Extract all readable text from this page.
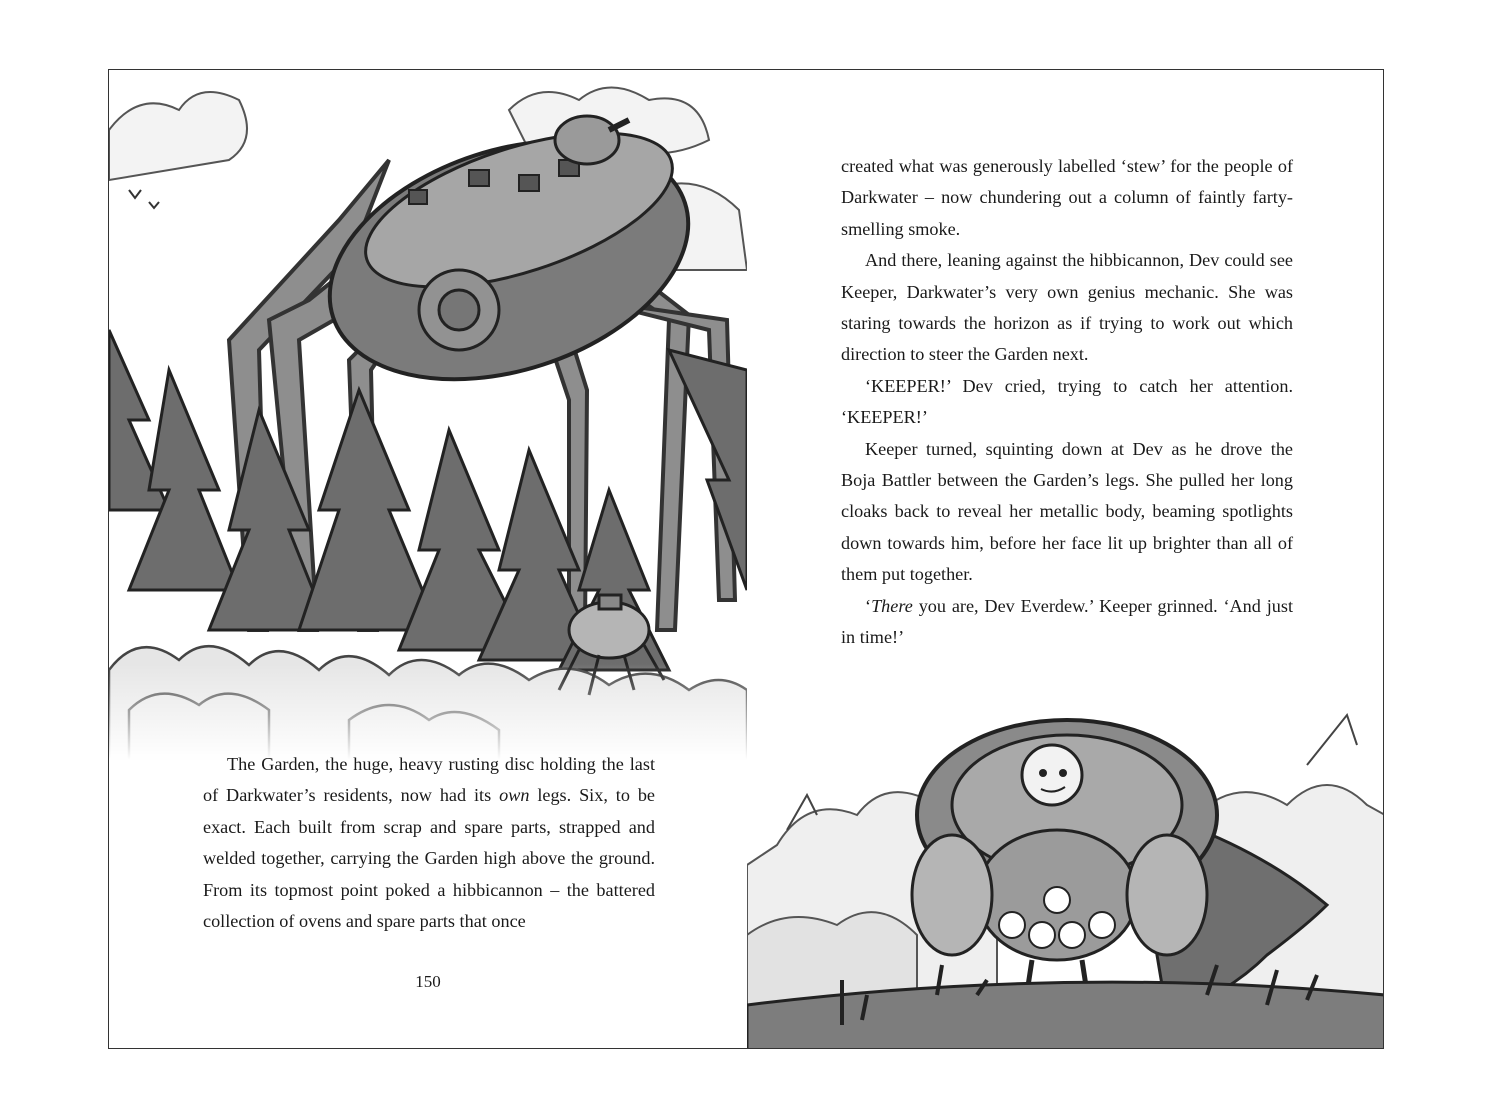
The Garden, the huge, heavy rusting disc holding the last of Darkwater’s residents, now had its own legs. Six, to be exact. Each built from scrap and spare parts, strapped and welded together, carrying the Garden high above the ground. From its topmost point poked a hibbicannon – the battered collection of ovens and spare parts that once

150

created what was generously labelled ‘stew’ for the people of Darkwater – now chundering out a column of faintly farty-smelling smoke.

And there, leaning against the hibbicannon, Dev could see Keeper, Darkwater’s very own genius mechanic. She was staring towards the horizon as if trying to work out which direction to steer the Garden next.

‘KEEPER!’ Dev cried, trying to catch her attention. ‘KEEPER!’

Keeper turned, squinting down at Dev as he drove the Boja Battler between the Garden’s legs. She pulled her long cloaks back to reveal her metallic body, beaming spotlights down towards him, before her face lit up brighter than all of them put together.

‘There you are, Dev Everdew.’ Keeper grinned. ‘And just in time!’
